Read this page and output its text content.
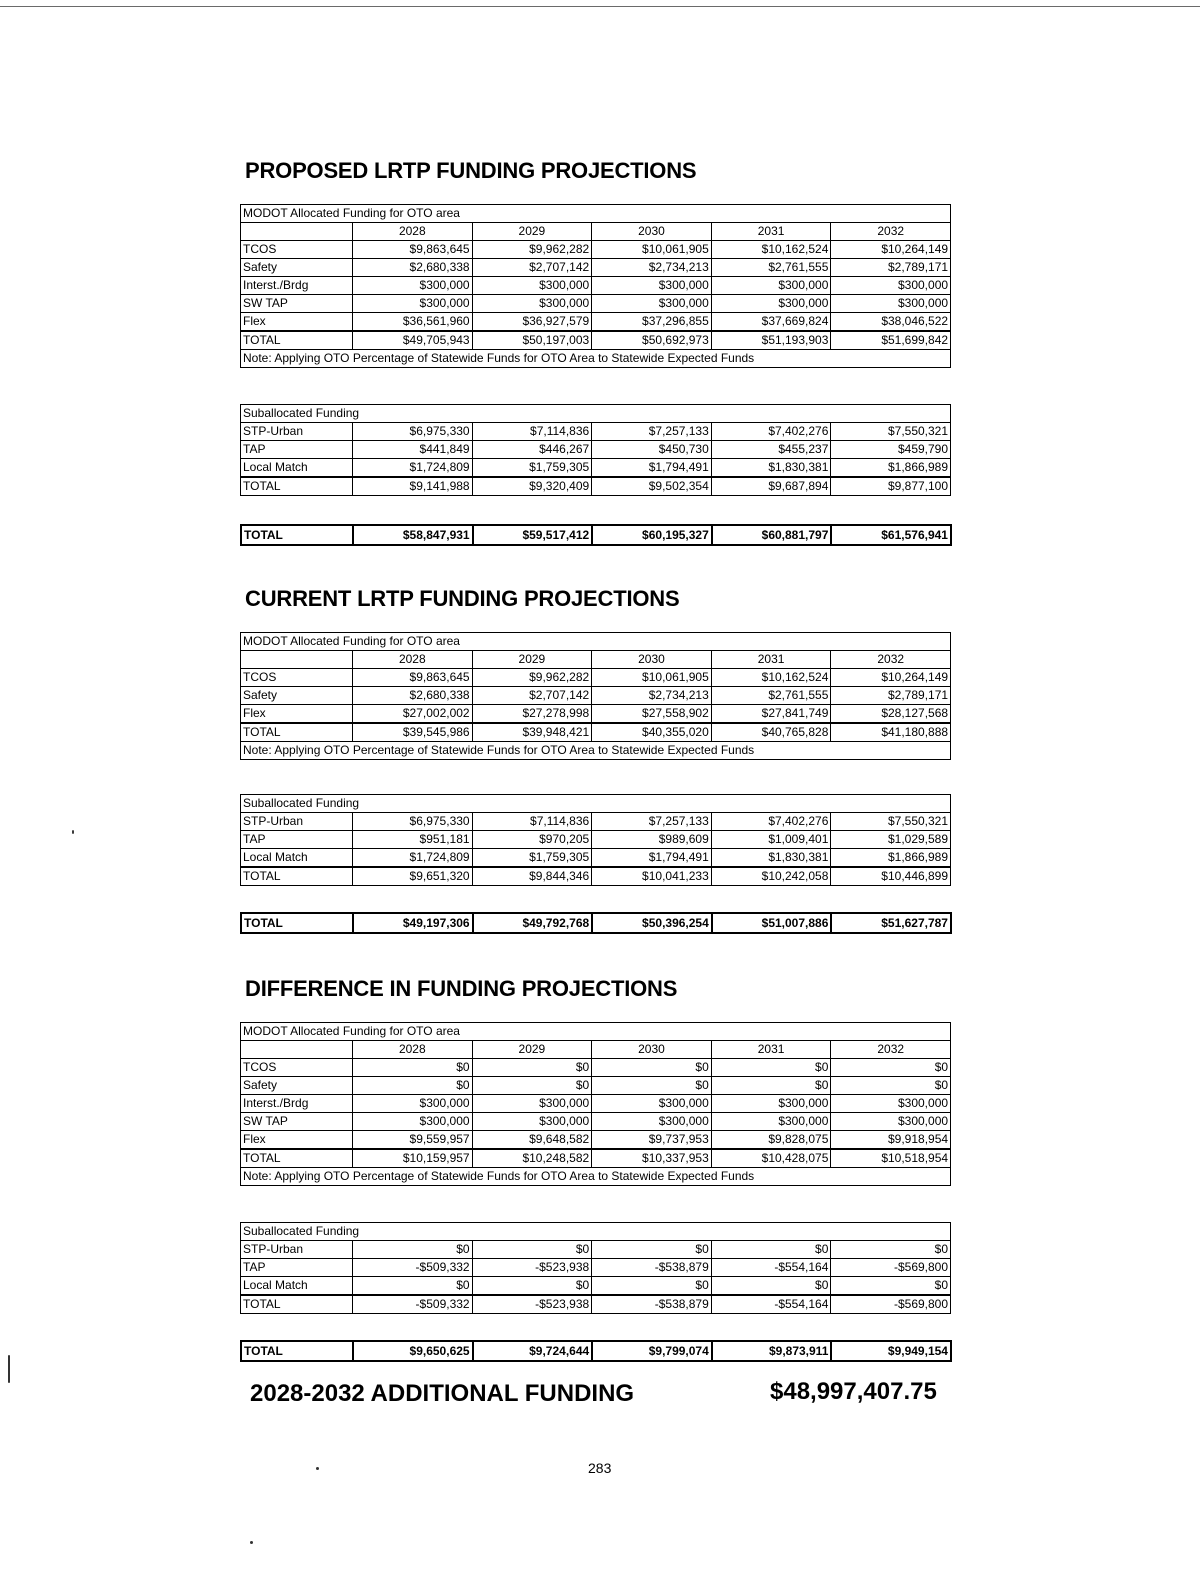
PROPOSED LRTP FUNDING PROJECTIONS
MODOT Allocated Funding for OTO area					
	2028	2029	2030	2031	2032
TCOS	$9,863,645	$9,962,282	$10,061,905	$10,162,524	$10,264,149
Safety	$2,680,338	$2,707,142	$2,734,213	$2,761,555	$2,789,171
Interst./Brdg	$300,000	$300,000	$300,000	$300,000	$300,000
SW TAP	$300,000	$300,000	$300,000	$300,000	$300,000
Flex	$36,561,960	$36,927,579	$37,296,855	$37,669,824	$38,046,522
TOTAL	$49,705,943	$50,197,003	$50,692,973	$51,193,903	$51,699,842
Note: Applying OTO Percentage of Statewide Funds for OTO Area to Statewide Expected Funds					
Suballocated Funding					
STP-Urban	$6,975,330	$7,114,836	$7,257,133	$7,402,276	$7,550,321
TAP	$441,849	$446,267	$450,730	$455,237	$459,790
Local Match	$1,724,809	$1,759,305	$1,794,491	$1,830,381	$1,866,989
TOTAL	$9,141,988	$9,320,409	$9,502,354	$9,687,894	$9,877,100
TOTAL	$58,847,931	$59,517,412	$60,195,327	$60,881,797	$61,576,941
CURRENT LRTP FUNDING PROJECTIONS
MODOT Allocated Funding for OTO area					
	2028	2029	2030	2031	2032
TCOS	$9,863,645	$9,962,282	$10,061,905	$10,162,524	$10,264,149
Safety	$2,680,338	$2,707,142	$2,734,213	$2,761,555	$2,789,171
Flex	$27,002,002	$27,278,998	$27,558,902	$27,841,749	$28,127,568
TOTAL	$39,545,986	$39,948,421	$40,355,020	$40,765,828	$41,180,888
Note: Applying OTO Percentage of Statewide Funds for OTO Area to Statewide Expected Funds					
Suballocated Funding					
STP-Urban	$6,975,330	$7,114,836	$7,257,133	$7,402,276	$7,550,321
TAP	$951,181	$970,205	$989,609	$1,009,401	$1,029,589
Local Match	$1,724,809	$1,759,305	$1,794,491	$1,830,381	$1,866,989
TOTAL	$9,651,320	$9,844,346	$10,041,233	$10,242,058	$10,446,899
TOTAL	$49,197,306	$49,792,768	$50,396,254	$51,007,886	$51,627,787
DIFFERENCE IN FUNDING PROJECTIONS
MODOT Allocated Funding for OTO area					
	2028	2029	2030	2031	2032
TCOS	$0	$0	$0	$0	$0
Safety	$0	$0	$0	$0	$0
Interst./Brdg	$300,000	$300,000	$300,000	$300,000	$300,000
SW TAP	$300,000	$300,000	$300,000	$300,000	$300,000
Flex	$9,559,957	$9,648,582	$9,737,953	$9,828,075	$9,918,954
TOTAL	$10,159,957	$10,248,582	$10,337,953	$10,428,075	$10,518,954
Note: Applying OTO Percentage of Statewide Funds for OTO Area to Statewide Expected Funds					
Suballocated Funding					
STP-Urban	$0	$0	$0	$0	$0
TAP	-$509,332	-$523,938	-$538,879	-$554,164	-$569,800
Local Match	$0	$0	$0	$0	$0
TOTAL	-$509,332	-$523,938	-$538,879	-$554,164	-$569,800
TOTAL	$9,650,625	$9,724,644	$9,799,074	$9,873,911	$9,949,154
2028-2032 ADDITIONAL FUNDING	$48,997,407.75
283
